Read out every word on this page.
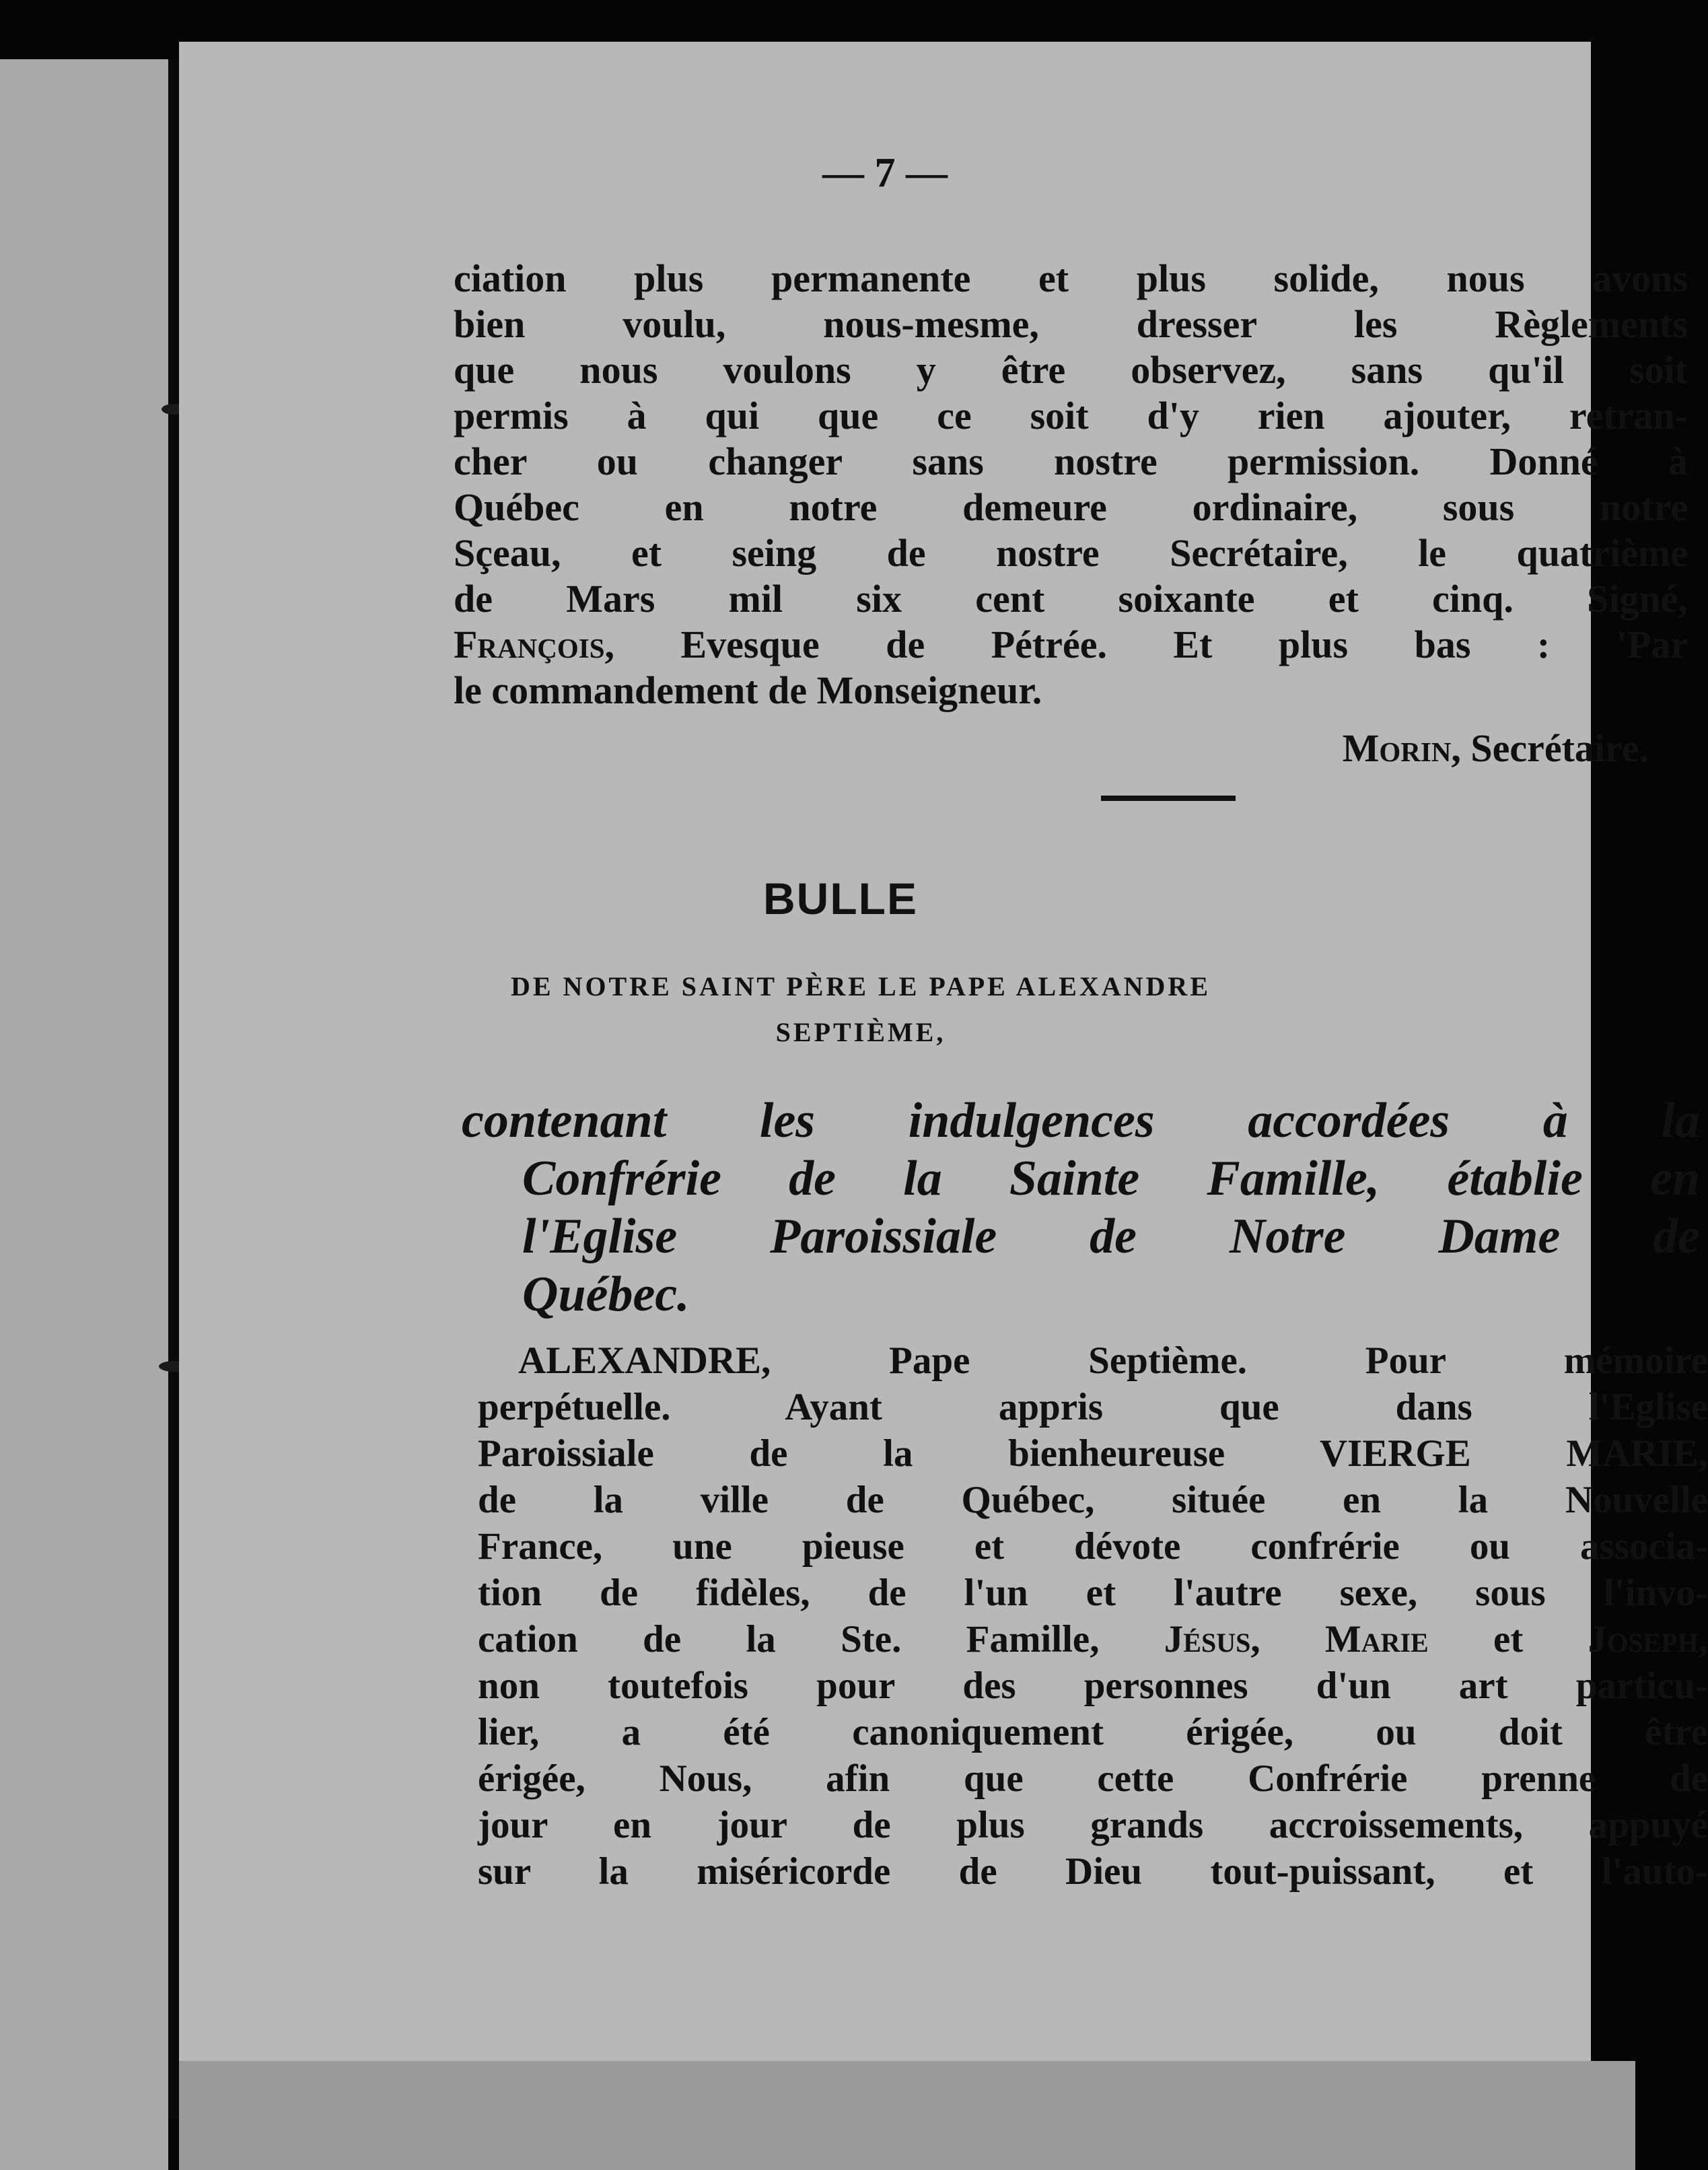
— 7 —
ciation plus permanente et plus solide, nous avons
bien voulu, nous-mesme, dresser les Règlements
que nous voulons y être observez, sans qu'il soit
permis à qui que ce soit d'y rien ajouter, retran-
cher ou changer sans nostre permission. Donné à
Québec en notre demeure ordinaire, sous notre
Sçeau, et seing de nostre Secrétaire, le quatrième
de Mars mil six cent soixante et cinq. Signé,
François, Evesque de Pétrée. Et plus bas : 'Par
le commandement de Monseigneur.
Morin, Secrétaire.
BULLE
DE NOTRE SAINT PÈRE LE PAPE ALEXANDRE
SEPTIÈME,
contenant les indulgences accordées à la
Confrérie de la Sainte Famille, établie en
l'Eglise Paroissiale de Notre Dame de
Québec.
ALEXANDRE, Pape Septième. Pour mémoire
perpétuelle. Ayant appris que dans l'Eglise
Paroissiale de la bienheureuse VIERGE MARIE,
de la ville de Québec, située en la Nouvelle
France, une pieuse et dévote confrérie ou associa-
tion de fidèles, de l'un et l'autre sexe, sous l'invo-
cation de la Ste. Famille, Jésus, Marie et Joseph,
non toutefois pour des personnes d'un art particu-
lier, a été canoniquement érigée, ou doit être
érigée, Nous, afin que cette Confrérie prenne de
jour en jour de plus grands accroissements, appuyé
sur la miséricorde de Dieu tout-puissant, et l'auto-
